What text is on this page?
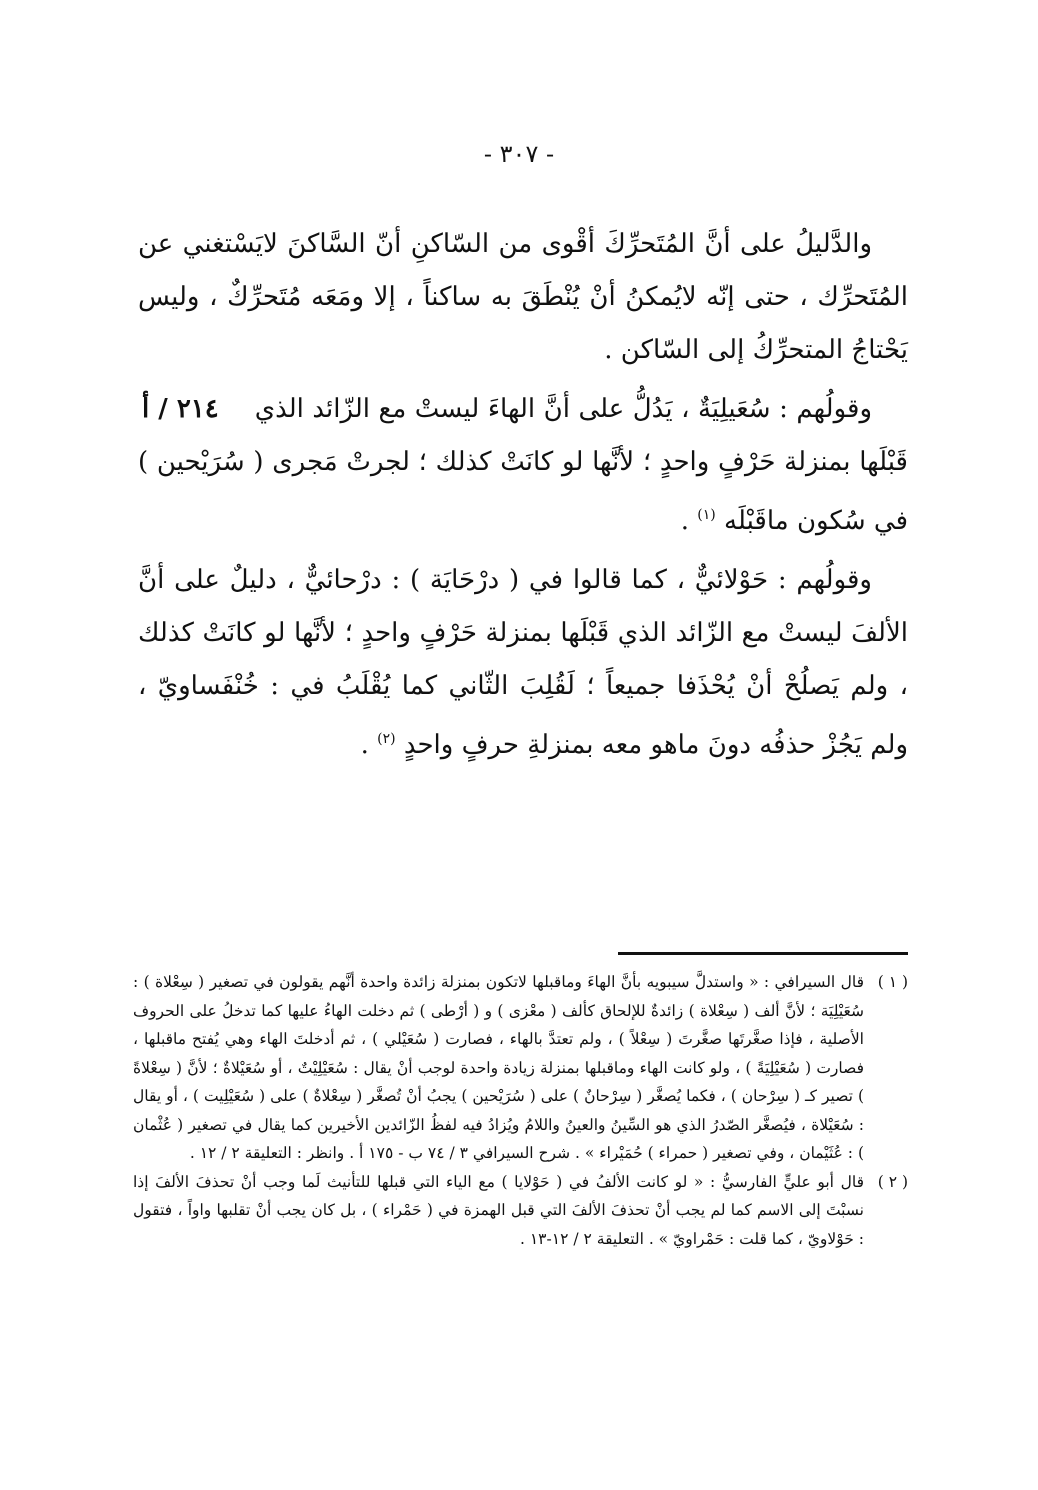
- ٣٠٧ -

والدَّليلُ على أنَّ المُتَحرِّكَ أقْوى من السّاكنِ أنّ السَّاكنَ لايَسْتغني عن المُتَحرِّك ، حتى إنّه لايُمكنُ أنْ يُنْطَقَ به ساكناً ، إلا ومَعَه مُتَحرِّكٌ ، وليس يَحْتاجُ المتحرِّكُ إلى السّاكن .

٢١٤ / أ	وقولُهم : سُعَيلِيَةٌ ، يَدُلُّ على أنَّ الهاءَ ليستْ مع الزّائد الذي قَبْلَها بمنزلة حَرْفٍ واحدٍ ؛ لأنَّها لو كانَتْ كذلك ؛ لجرتْ مَجرى ( سُرَيْحين ) في سُكون ماقَبْلَه $^{(١)}$ .

وقولُهم : حَوْلائيٌّ ، كما قالوا في ( درْحَايَة ) : درْحائيٌّ ، دليلٌ على أنَّ الألفَ ليستْ مع الزّائد الذي قَبْلَها بمنزلة حَرْفٍ واحدٍ ؛ لأنَّها لو كانَتْ كذلك ، ولم يَصلُحْ أنْ يُحْذَفا جميعاً ؛ لَقُلِبَ الثّاني كما يُقْلَبُ في : خُنْفَساويّ ، ولم يَجُزْ حذفُه دونَ ماهو معه بمنزلةِ حرفٍ واحدٍ $^{(٢)}$ .

( ١ )

قال السيرافي : « واستدلَّ سيبويه بأنَّ الهاءَ وماقبلها لاتكون بمنزلة زائدة واحدة أنَّهم يقولون في تصغير ( سِعْلاة ) : سُعَيْلِيَة ؛ لأنَّ ألف ( سِعْلاة ) زائدةٌ للإلحاق كألف ( معْزى ) و ( أرْطى ) ثم دخلت الهاءُ عليها كما تدخلُ على الحروف الأصلية ، فإذا صغَّرتَها صغَّرتَ ( سِعْلاً ) ، ولم تعتدَّ بالهاء ، فصارت ( سُعَيْلي ) ، ثم أدخلتَ الهاء وهي يُفتح ماقبلها ، فصارت ( سُعَيْلِيَةً ) ، ولو كانت الهاء وماقبلها بمنزلة زيادة واحدة لوجب أنْ يقال : سُعَيْلِيْتٌ ، أو سُعَيْلاةٌ ؛ لأنَّ ( سِعْلاةً ) تصير كـ ( سِرْحان ) ، فكما يُصغَّر ( سِرْحانٌ ) على ( سُرَيْحين ) يجبُ أنْ تُصغَّر ( سِعْلاةٌ ) على ( سُعَيْلِيت ) ، أو يقال : سُعَيْلاة ، فيُصغَّر الصّدرُ الذي هو السِّينُ والعينُ واللامُ ويُزادُ فيه لفظُ الزّائدين الأخيرين كما يقال في تصغير ( عُثْمان ) : عُثَيْمان ، وفي تصغير ( حمراء ) حُمَيْراء » . شرح السيرافي ٣ / ٧٤ ب - ١٧٥ أ . وانظر : التعليقة ٢ / ١٢ .

( ٢ )

قال أبو عليٍّ الفارسيُّ : « لو كانت الألفُ في ( حَوْلايا ) مع الياء التي قبلها للتأنيث لَما وجب أنْ تحذفَ الألفَ إذا نسبْتَ إلى الاسم كما لم يجب أنْ تحذفَ الألفَ التي قبل الهمزة في ( حَمْراء ) ، بل كان يجب أنْ تقلبها واواً ، فتقول : حَوْلاويّ ، كما قلت : حَمْراويّ » . التعليقة ٢ / ١٢-١٣ .
